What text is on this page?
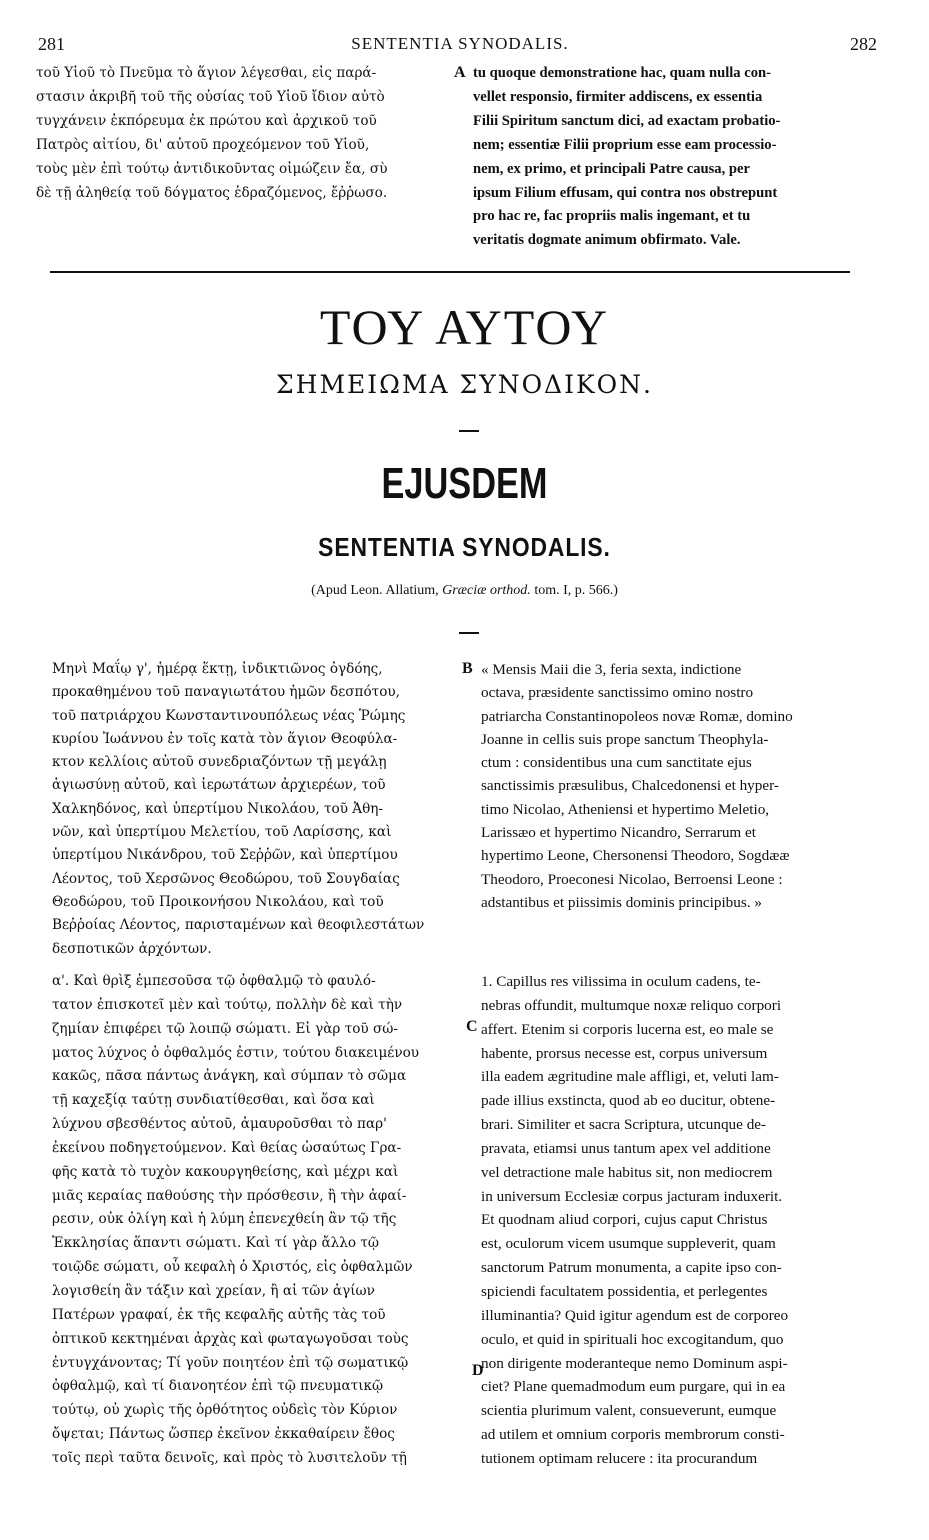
281	SENTENTIA SYNODALIS.	282
τοῦ Υἱοῦ τὸ Πνεῦμα τὸ ἅγιον λέγεσθαι, εἰς παρά-
στασιν ἀκριβῆ τοῦ τῆς οὐσίας τοῦ Υἱοῦ ἴδιον αὐτὸ
τυγχάνειν ἐκπόρευμα ἐκ πρώτου καὶ ἀρχικοῦ τοῦ
Πατρὸς αἰτίου, δι' αὐτοῦ προχεόμενον τοῦ Υἱοῦ,
τοὺς μὲν ἐπὶ τούτῳ ἀντιδικοῦντας οἰμώζειν ἔα, σὺ
δὲ τῇ ἀληθείᾳ τοῦ δόγματος ἑδραζόμενος, ἔῤῥωσο.
A tu quoque demonstratione hac, quam nulla con-
vellet responsio, firmiter addiscens, ex essentia
Filii Spiritum sanctum dici, ad exactam probatio-
nem; essentiæ Filii proprium esse eam processio-
nem, ex primo, et principali Patre causa, per
ipsum Filium effusam, qui contra nos obstrepunt
pro hac re, fac propriis malis ingemant, et tu
veritatis dogmate animum obfirmato. Vale.
ΤΟΥ ΑΥΤΟΥ
ΣΗΜΕΙΩΜΑ ΣΥΝΟΔΙΚΟΝ.
EJUSDEM
SENTENTIA SYNODALIS.
(Apud Leon. Allatium, Græciæ orthod. tom. I, p. 566.)
Μηνὶ Μαΐῳ γ', ἡμέρᾳ ἕκτῃ, ἰνδικτιῶνος ὀγδόης,
προκαθημένου τοῦ παναγιωτάτου ἡμῶν δεσπότου,
τοῦ πατριάρχου Κωνσταντινουπόλεως νέας Ῥώμης
κυρίου Ἰωάννου ἐν τοῖς κατὰ τὸν ἅγιον Θεοφύλα-
κτον κελλίοις αὐτοῦ συνεδριαζόντων τῇ μεγάλῃ
ἁγιωσύνῃ αὐτοῦ, καὶ ἱερωτάτων ἀρχιερέων, τοῦ
Χαλκηδόνος, καὶ ὑπερτίμου Νικολάου, τοῦ Ἀθη-
νῶν, καὶ ὑπερτίμου Μελετίου, τοῦ Λαρίσσης, καὶ
ὑπερτίμου Νικάνδρου, τοῦ Σεῤῥῶν, καὶ ὑπερτίμου
Λέοντος, τοῦ Χερσῶνος Θεοδώρου, τοῦ Σουγδαίας
Θεοδώρου, τοῦ Προικονήσου Νικολάου, καὶ τοῦ
Βεῤῥοίας Λέοντος, παρισταμένων καὶ θεοφιλεστάτων
δεσποτικῶν ἀρχόντων.
B « Mensis Maii die 3, feria sexta, indictione
octava, præsidente sanctissimo omino nostro
patriarcha Constantinopoleos novæ Romæ, domino
Joanne in cellis suis prope sanctum Theophyla-
ctum : considentibus una cum sanctitate ejus
sanctissimis præsulibus, Chalcedonensi et hyper-
timo Nicolao, Atheniensi et hypertimo Meletio,
Larissæo et hypertimo Nicandro, Serrarum et
hypertimo Leone, Chersonensi Theodoro, Sogdææ
Theodoro, Proeconesi Nicolao, Berroensi Leone :
adstantibus et piissimis dominis principibus. »
α'. Καὶ θρὶξ ἐμπεσοῦσα τῷ ὀφθαλμῷ τὸ φαυλό-
τατον ἐπισκοτεῖ μὲν καὶ τούτῳ, πολλὴν δὲ καὶ τὴν
ζημίαν ἐπιφέρει τῷ λοιπῷ σώματι. Εἰ γὰρ τοῦ σώ-
ματος λύχνος ὁ ὀφθαλμός ἐστιν, τούτου διακειμένου
κακῶς, πᾶσα πάντως ἀνάγκη, καὶ σύμπαν τὸ σῶμα
τῇ καχεξίᾳ ταύτῃ συνδιατίθεσθαι, καὶ ὅσα καὶ
λύχνου σβεσθέντος αὐτοῦ, ἀμαυροῦσθαι τὸ παρ'
ἐκείνου ποδηγετούμενον. Καὶ θείας ὡσαύτως Γρα-
φῆς κατὰ τὸ τυχὸν κακουργηθείσης, καὶ μέχρι καὶ
μιᾶς κεραίας παθούσης τὴν πρόσθεσιν, ἢ τὴν ἀφαί-
ρεσιν, οὐκ ὀλίγη καὶ ἡ λύμη ἐπενεχθείη ἂν τῷ τῆς
Ἐκκλησίας ἅπαντι σώματι. Καὶ τί γὰρ ἄλλο τῷ
τοιῷδε σώματι, οὗ κεφαλὴ ὁ Χριστός, εἰς ὀφθαλμῶν
λογισθείη ἂν τάξιν καὶ χρείαν, ἢ αἱ τῶν ἁγίων
Πατέρων γραφαί, ἐκ τῆς κεφαλῆς αὐτῆς τὰς τοῦ
ὀπτικοῦ κεκτημέναι ἀρχὰς καὶ φωταγωγοῦσαι τοὺς
ἐντυγχάνοντας; Τί γοῦν ποιητέον ἐπὶ τῷ σωματικῷ
ὀφθαλμῷ, καὶ τί διανοητέον ἐπὶ τῷ πνευματικῷ
τούτῳ, οὐ χωρὶς τῆς ὀρθότητος οὐδεὶς τὸν Κύριον
ὄψεται; Πάντως ὥσπερ ἐκεῖνον ἐκκαθαίρειν ἔθος
τοῖς περὶ ταῦτα δεινοῖς, καὶ πρὸς τὸ λυσιτελοῦν τῇ
C
D
1. Capillus res vilissima in oculum cadens, te-
nebras offundit, multumque noxæ reliquo corpori
affert. Etenim si corporis lucerna est, eo male se
habente, prorsus necesse est, corpus universum
illa eadem ægritudine male affligi, et, veluti lam-
pade illius exstincta, quod ab eo ducitur, obtene-
brari. Similiter et sacra Scriptura, utcunque de-
pravata, etiamsi unus tantum apex vel additione
vel detractione male habitus sit, non mediocrem
in universum Ecclesiæ corpus jacturam induxerit.
Et quodnam aliud corpori, cujus caput Christus
est, oculorum vicem usumque suppleverit, quam
sanctorum Patrum monumenta, a capite ipso con-
spiciendi facultatem possidentia, et perlegentes
illuminantia? Quid igitur agendum est de corporeo
oculo, et quid in spirituali hoc excogitandum, quo
non dirigente moderanteque nemo Dominum aspi-
ciet? Plane quemadmodum eum purgare, qui in ea
scientia plurimum valent, consueverunt, eumque
ad utilem et omnium corporis membrorum consti-
tutionem optimam relucere : ita procurandum
